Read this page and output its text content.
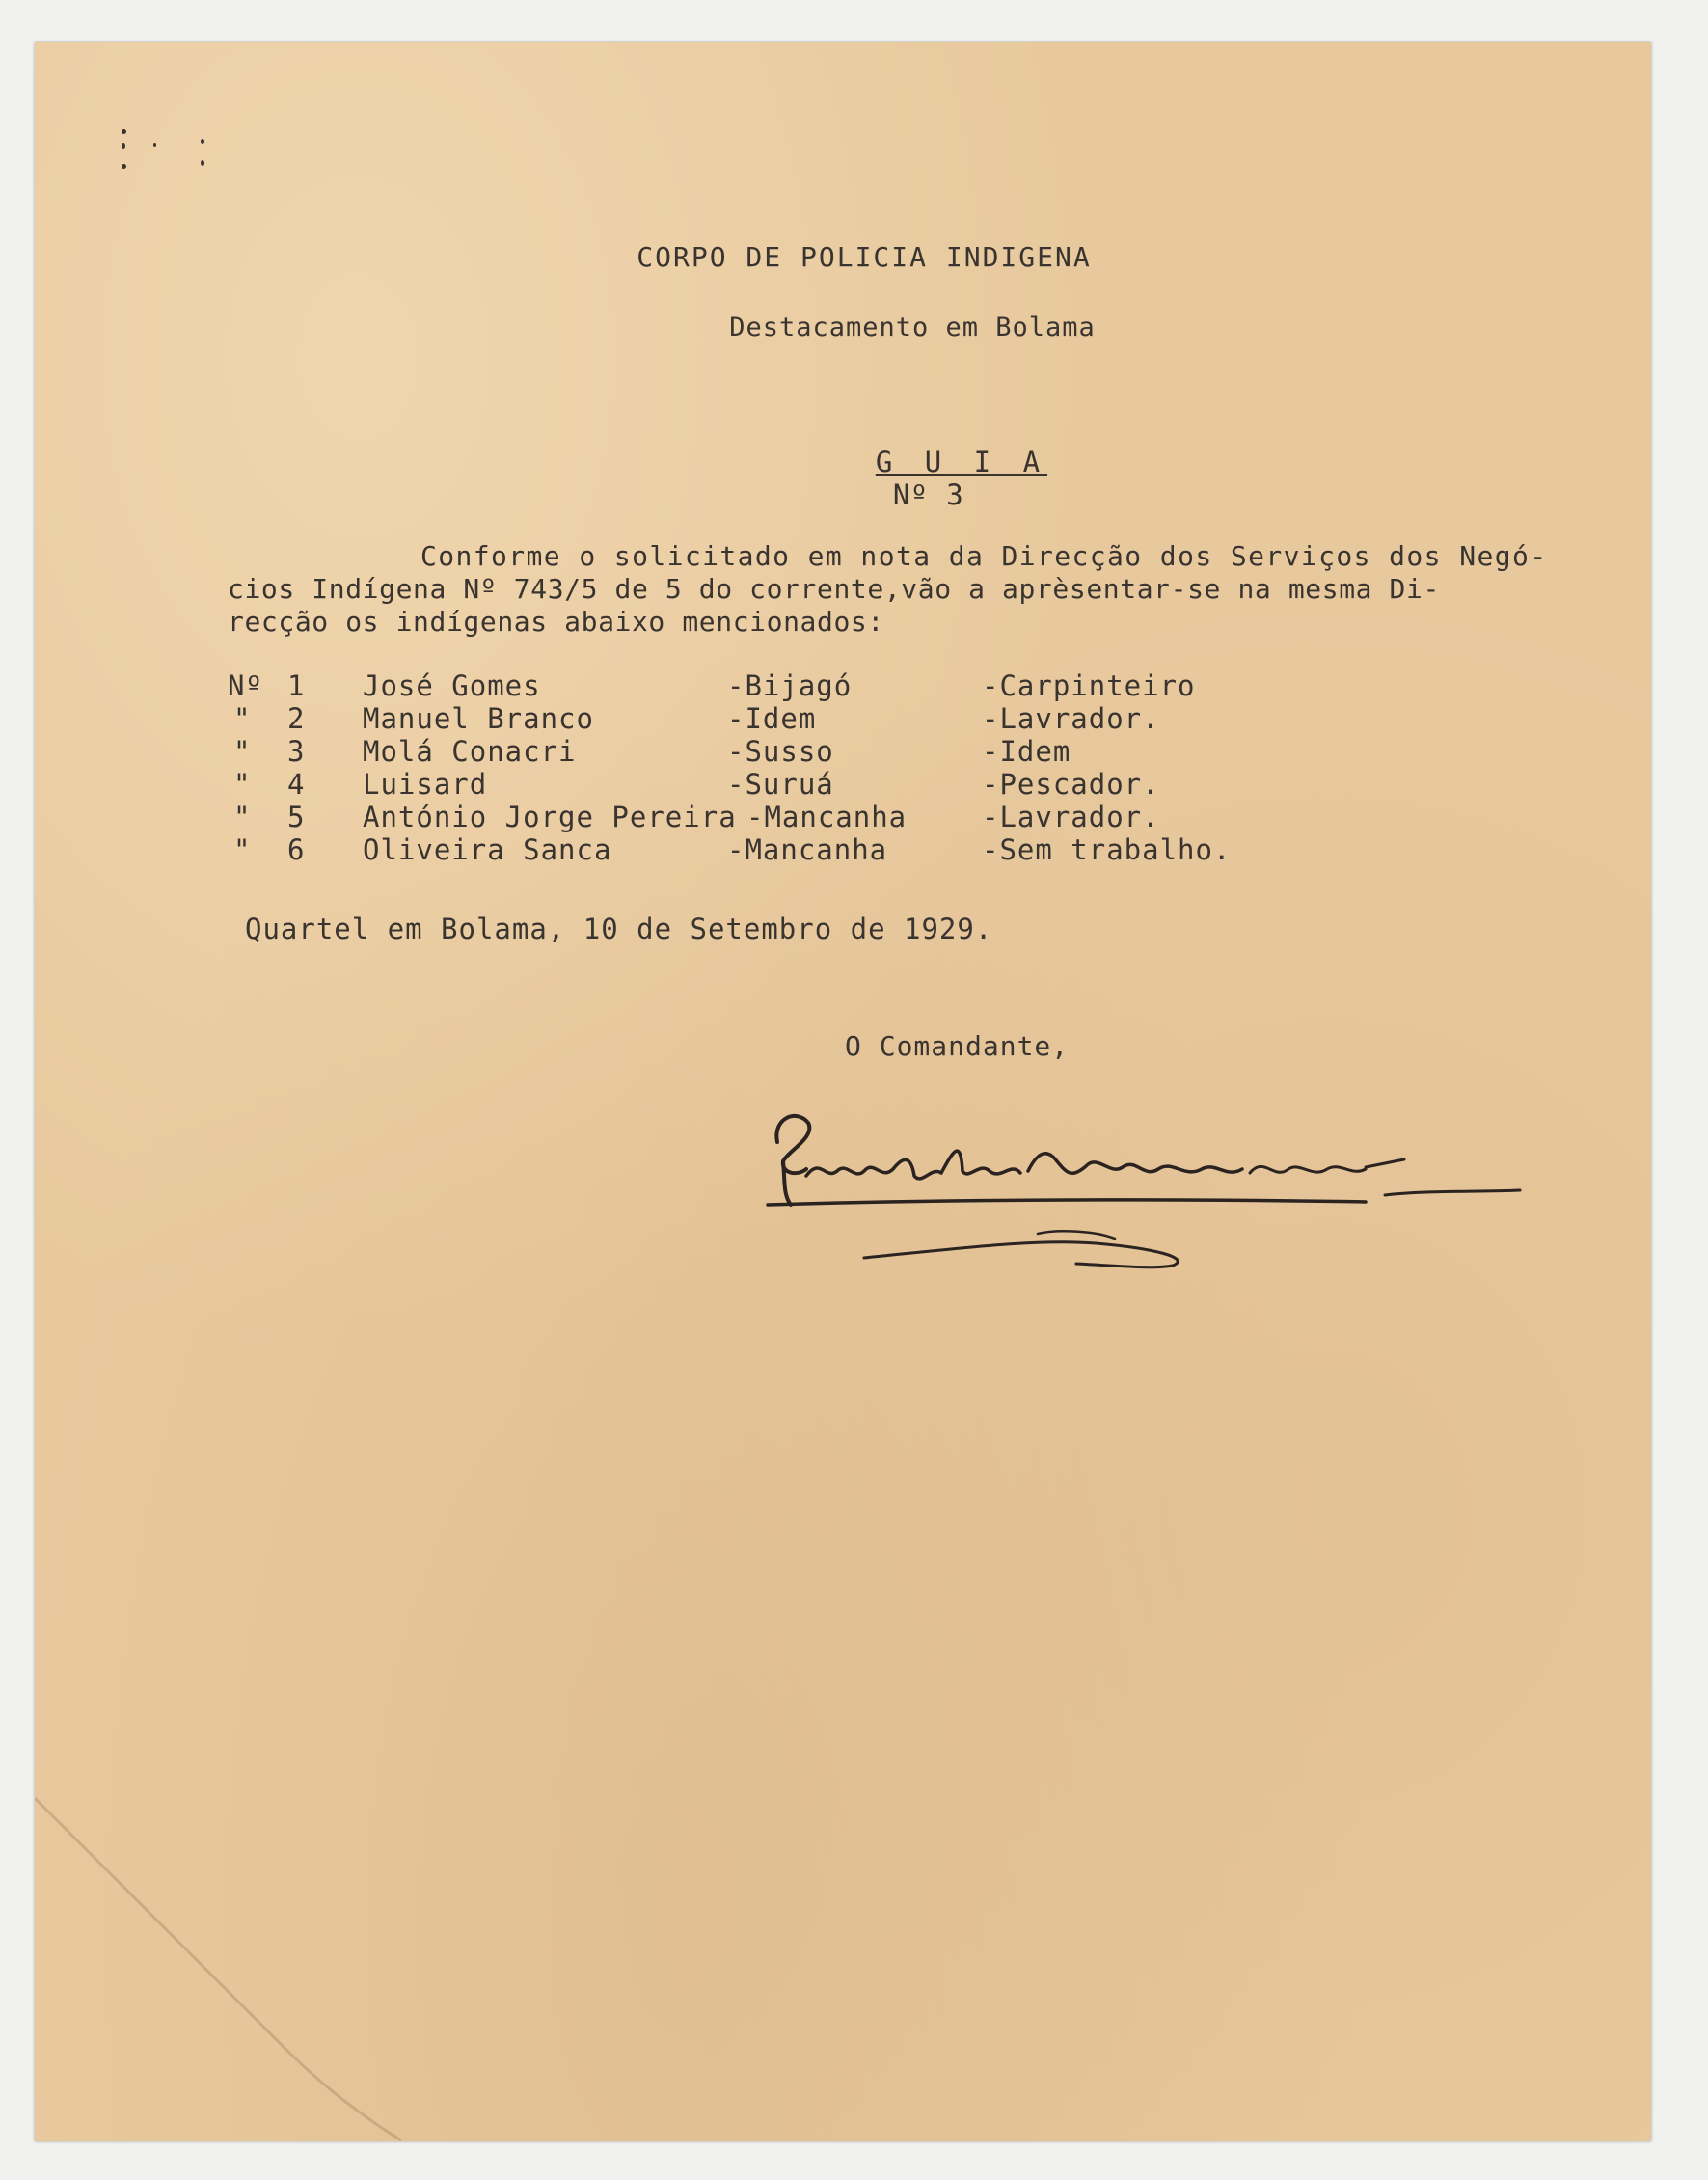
CORPO DE POLICIA INDIGENA
Destacamento em Bolama

G U I A
Nº 3

Conforme o solicitado em nota da Direcção dos Serviços dos Negó-
cios Indígena Nº 743/5 de 5 do corrente,vão a aprèsentar-se na mesma Di-
recção os indígenas abaixo mencionados:
Nº 1 José Gomes	-Bijagó	-Carpinteiro
" 2 Manuel Branco	-Idem	-Lavrador.
" 3 Molá Conacri	-Susso	-Idem
" 4 Luisard	-Suruá	-Pescador.
" 5 António Jorge Pereira -Mancanha	-Lavrador.
" 6 Oliveira Sanca	-Mancanha	-Sem trabalho.
Quartel em Bolama, 10 de Setembro de 1929.
O Comandante,
